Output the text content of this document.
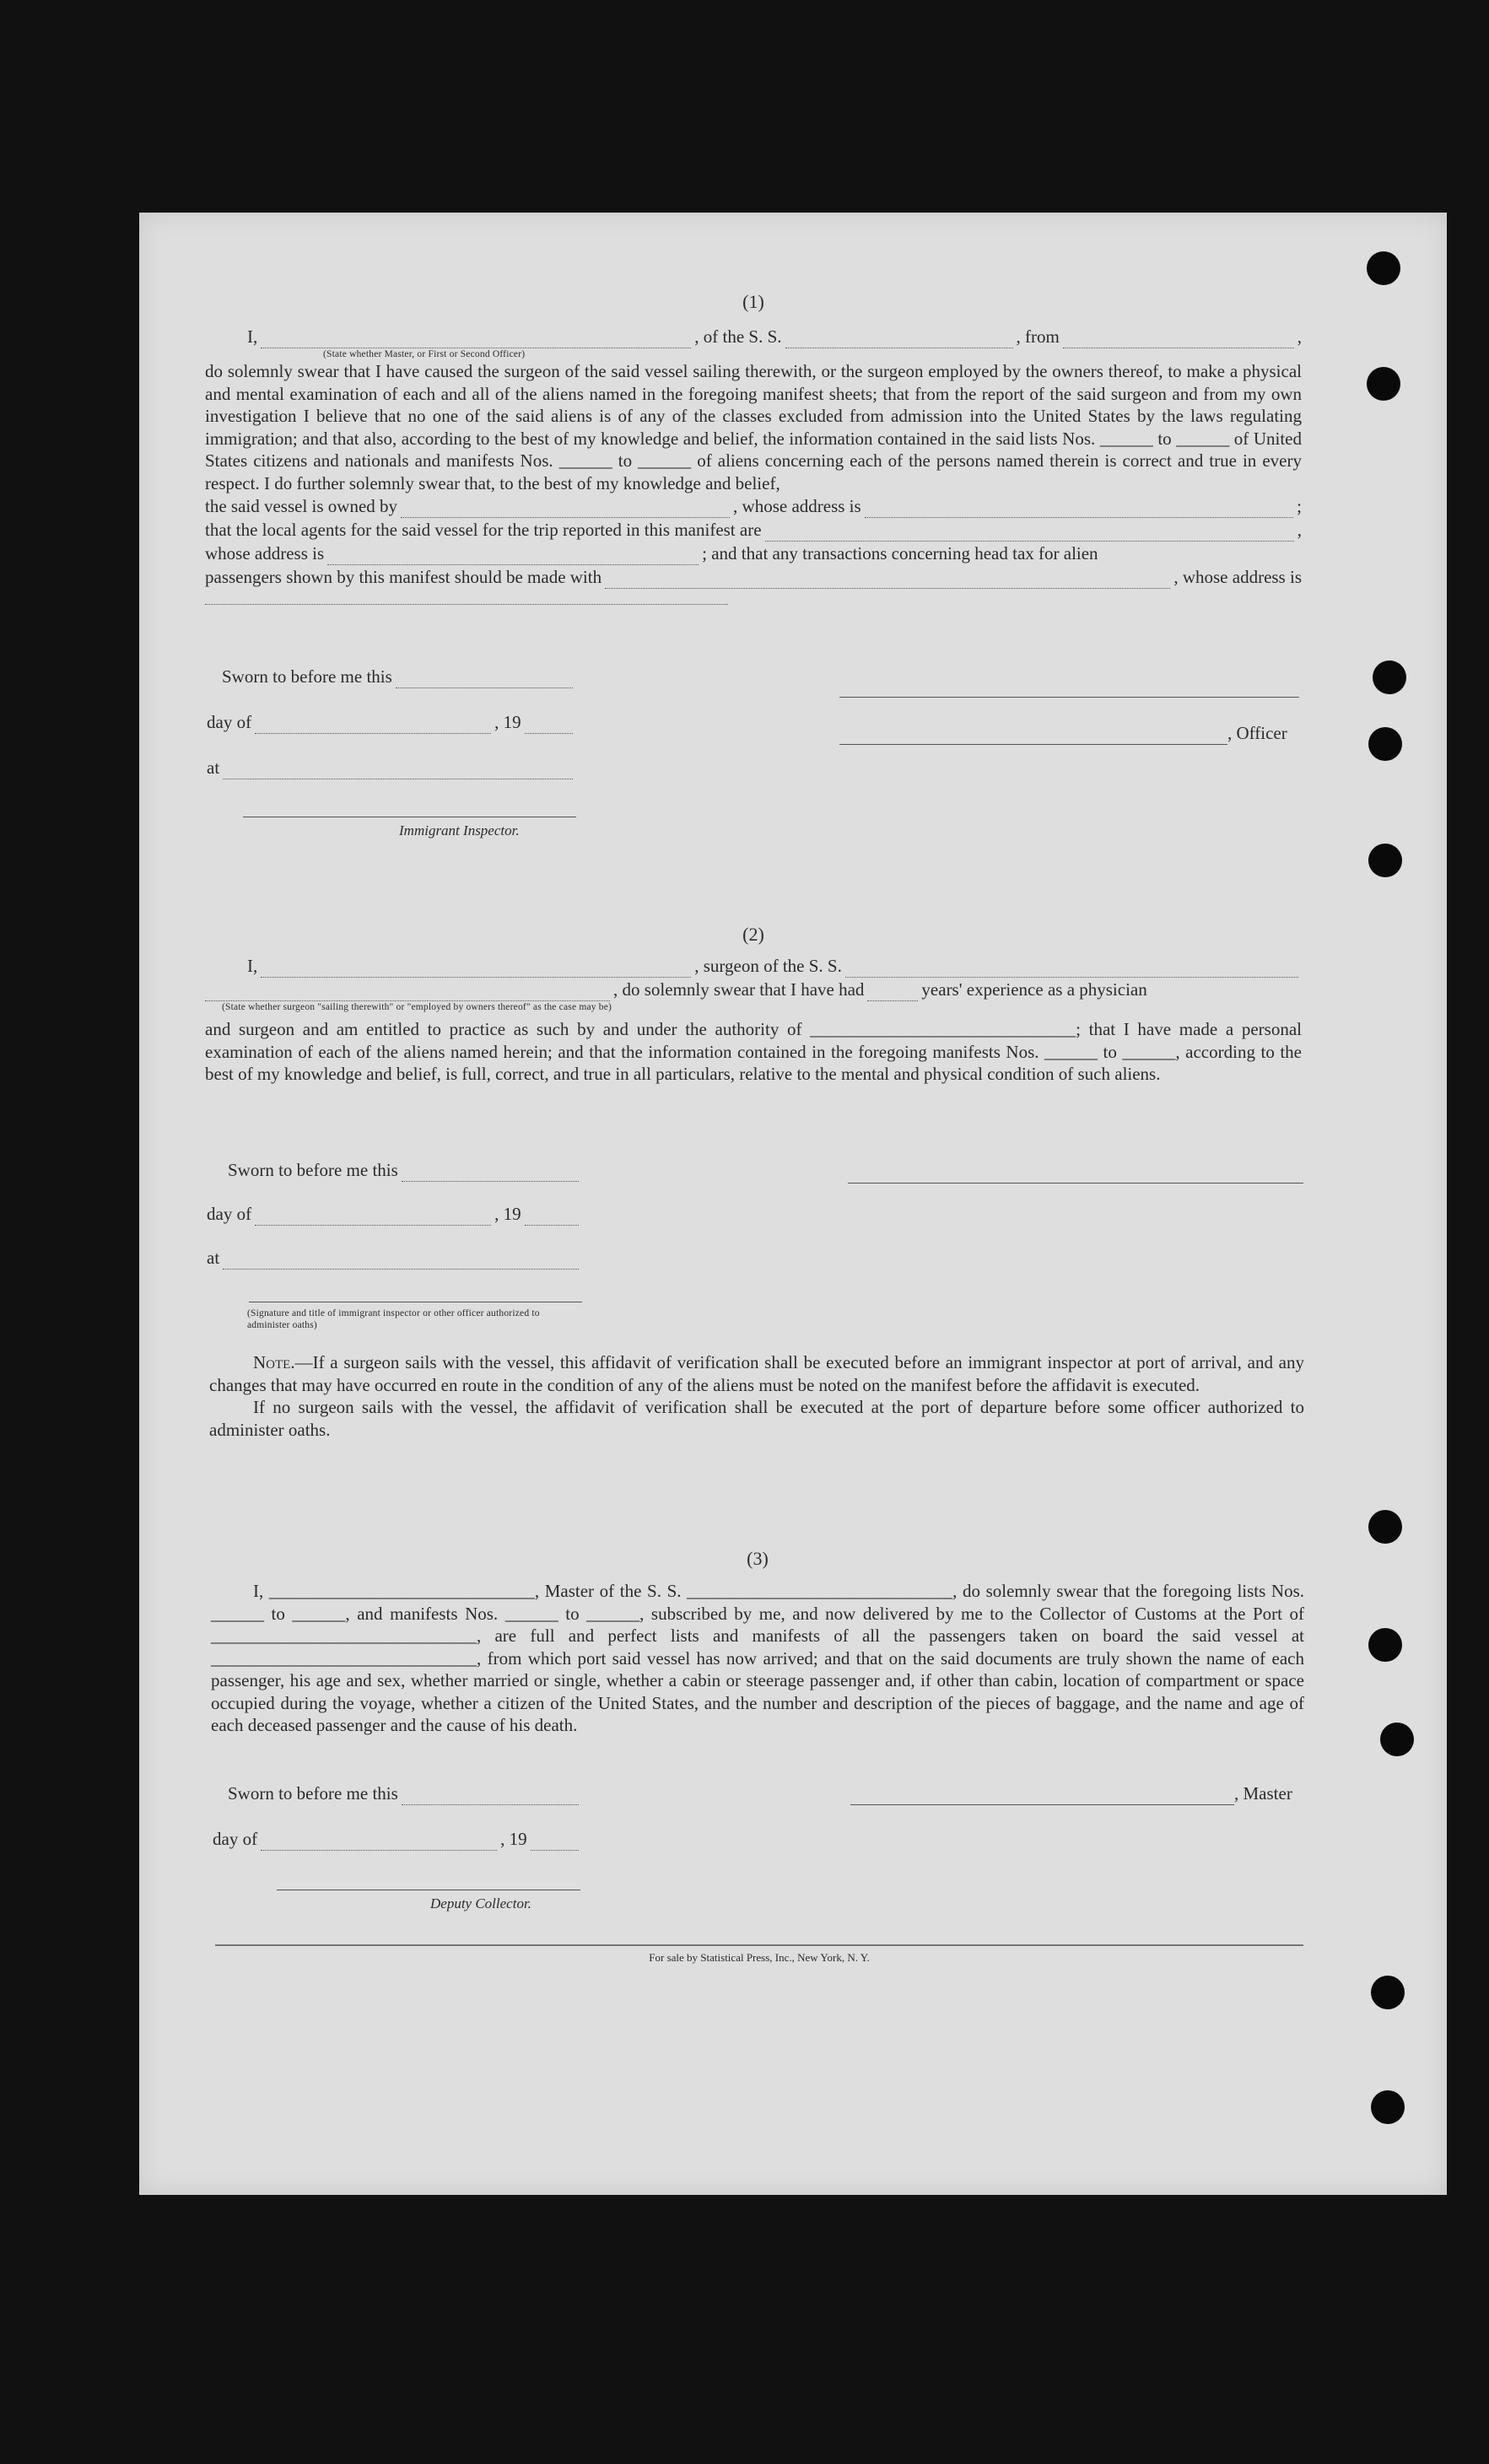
(1)
I,	, of the S. S.	, from	,
(State whether Master, or First or Second Officer)
do solemnly swear that I have caused the surgeon of the said vessel sailing therewith, or the surgeon employed by the owners thereof, to make a physical and mental examination of each and all of the aliens named in the foregoing manifest sheets; that from the report of the said surgeon and from my own investigation I believe that no one of the said aliens is of any of the classes excluded from admission into the United States by the laws regulating immigration; and that also, according to the best of my knowledge and belief, the information contained in the said lists Nos. ______ to ______ of United States citizens and nationals and manifests Nos. ______ to ______ of aliens concerning each of the persons named therein is correct and true in every respect. I do further solemnly swear that, to the best of my knowledge and belief,
the said vessel is owned by	, whose address is	;
that the local agents for the said vessel for the trip reported in this manifest are	,
whose address is	; and that any transactions concerning head tax for alien
passengers shown by this manifest should be made with	, whose address is
Sworn to before me this
day of	, 19
at
Immigrant Inspector.
, Officer
(2)
I,	, surgeon of the S. S.
, do solemnly swear that I have had	years' experience as a physician
(State whether surgeon "sailing therewith" or "employed by owners thereof" as the case may be)
and surgeon and am entitled to practice as such by and under the authority of ______________________________; that I have made a personal examination of each of the aliens named herein; and that the information contained in the foregoing manifests Nos. ______ to ______, according to the best of my knowledge and belief, is full, correct, and true in all particulars, relative to the mental and physical condition of such aliens.
Sworn to before me this
day of	, 19
at
(Signature and title of immigrant inspector or other officer authorized to administer oaths)
Note.—If a surgeon sails with the vessel, this affidavit of verification shall be executed before an immigrant inspector at port of arrival, and any changes that may have occurred en route in the condition of any of the aliens must be noted on the manifest before the affidavit is executed.
If no surgeon sails with the vessel, the affidavit of verification shall be executed at the port of departure before some officer authorized to administer oaths.
(3)
I, ______________________________, Master of the S. S. ______________________________, do solemnly swear that the foregoing lists Nos. ______ to ______, and manifests Nos. ______ to ______, subscribed by me, and now delivered by me to the Collector of Customs at the Port of ______________________________, are full and perfect lists and manifests of all the passengers taken on board the said vessel at ______________________________, from which port said vessel has now arrived; and that on the said documents are truly shown the name of each passenger, his age and sex, whether married or single, whether a cabin or steerage passenger and, if other than cabin, location of compartment or space occupied during the voyage, whether a citizen of the United States, and the number and description of the pieces of baggage, and the name and age of each deceased passenger and the cause of his death.
Sworn to before me this
day of	, 19
Deputy Collector.
, Master
For sale by Statistical Press, Inc., New York, N. Y.
